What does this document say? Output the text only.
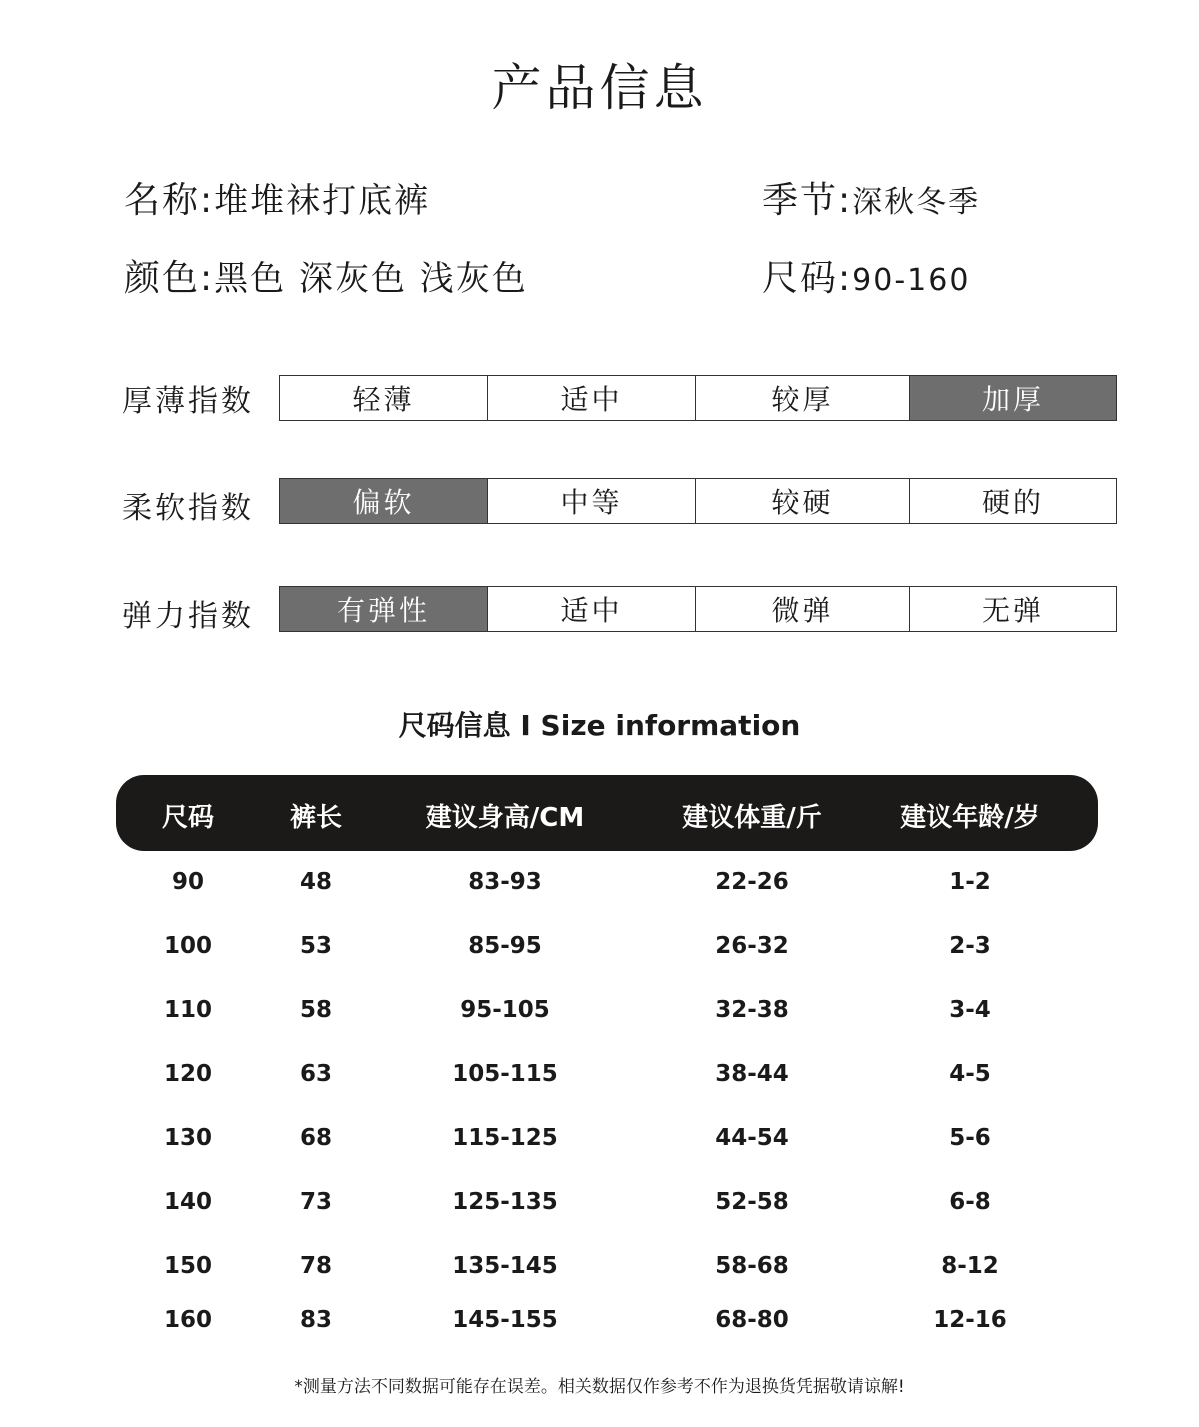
产品信息
名称:堆堆袜打底裤	季节:深秋冬季
颜色:黑色 深灰色 浅灰色	尺码:90-160
厚薄指数	轻薄	适中	较厚	加厚
柔软指数	偏软	中等	较硬	硬的
弹力指数	有弹性	适中	微弹	无弹
尺码信息 I Size information
尺码	裤长	建议身高/CM	建议体重/斤	建议年龄/岁
90	48	83-93	22-26	1-2
100	53	85-95	26-32	2-3
110	58	95-105	32-38	3-4
120	63	105-115	38-44	4-5
130	68	115-125	44-54	5-6
140	73	125-135	52-58	6-8
150	78	135-145	58-68	8-12
160	83	145-155	68-80	12-16
*测量方法不同数据可能存在误差。相关数据仅作参考不作为退换货凭据敬请谅解!
